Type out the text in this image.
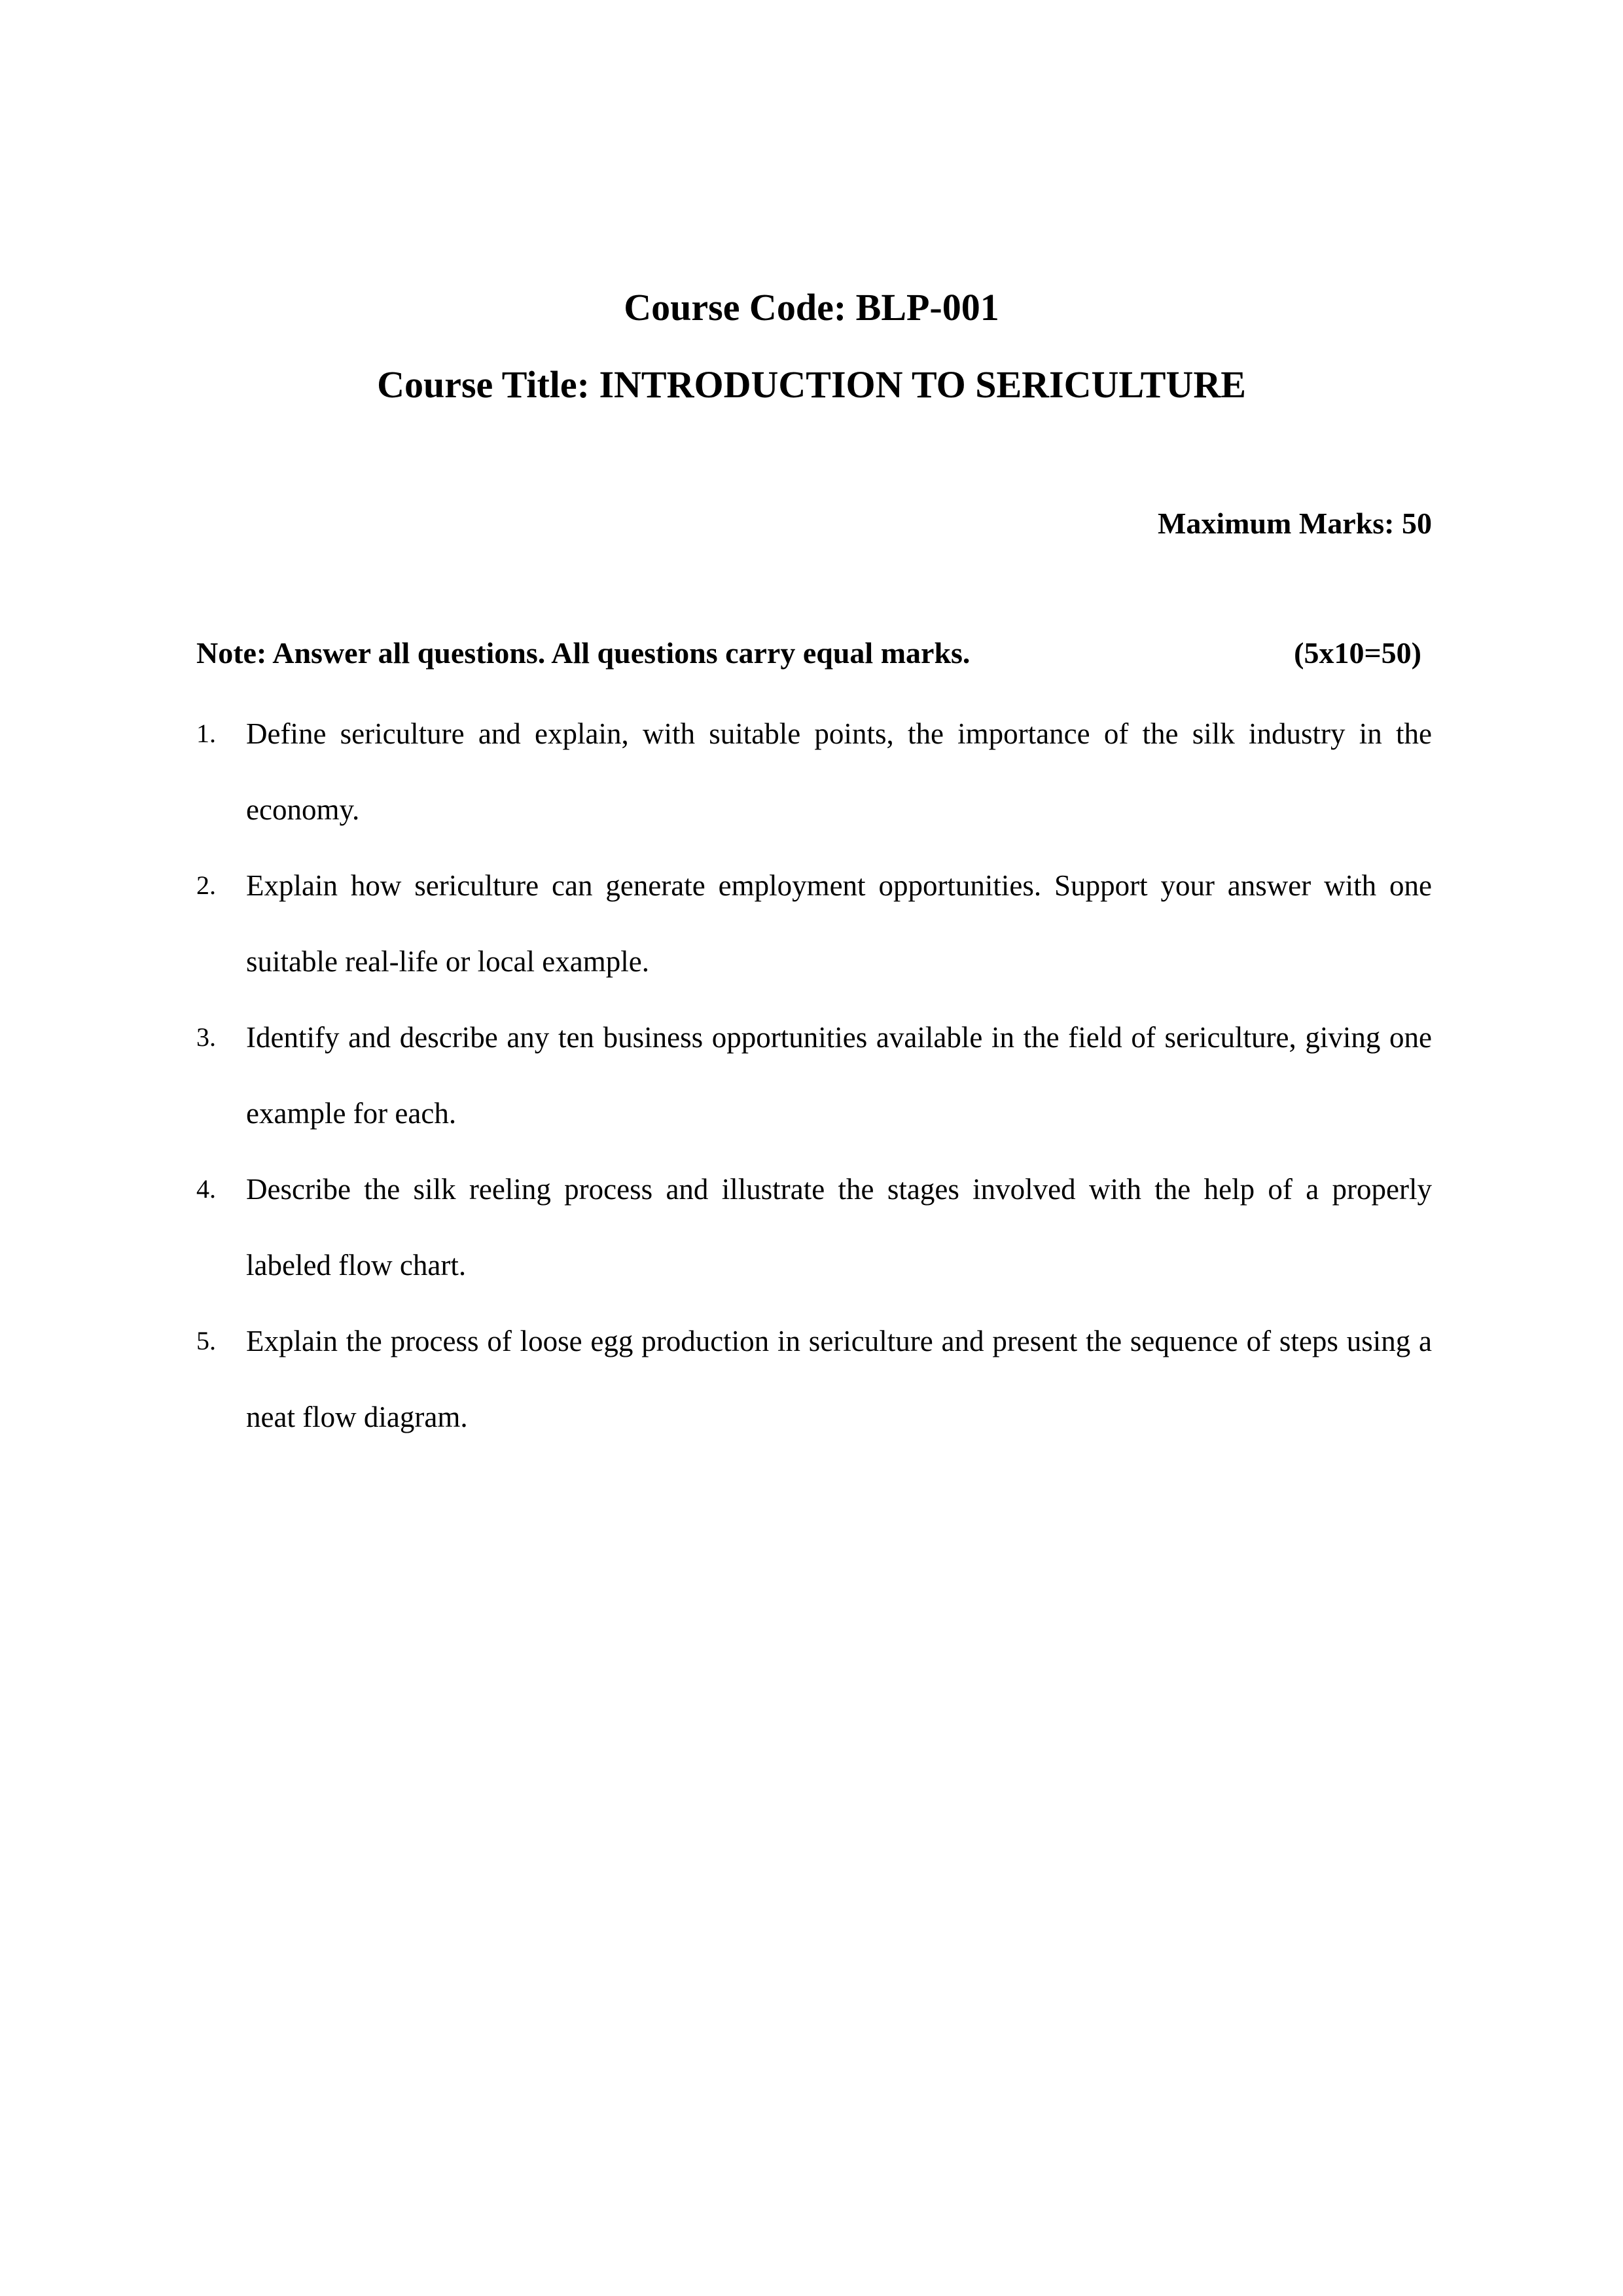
Course Code: BLP-001
Course Title: INTRODUCTION TO SERICULTURE
Maximum Marks: 50
Note: Answer all questions. All questions carry equal marks.	(5x10=50)
1. Define sericulture and explain, with suitable points, the importance of the silk industry in the economy.
2. Explain how sericulture can generate employment opportunities. Support your answer with one suitable real-life or local example.
3. Identify and describe any ten business opportunities available in the field of sericulture, giving one example for each.
4. Describe the silk reeling process and illustrate the stages involved with the help of a properly labeled flow chart.
5. Explain the process of loose egg production in sericulture and present the sequence of steps using a neat flow diagram.
